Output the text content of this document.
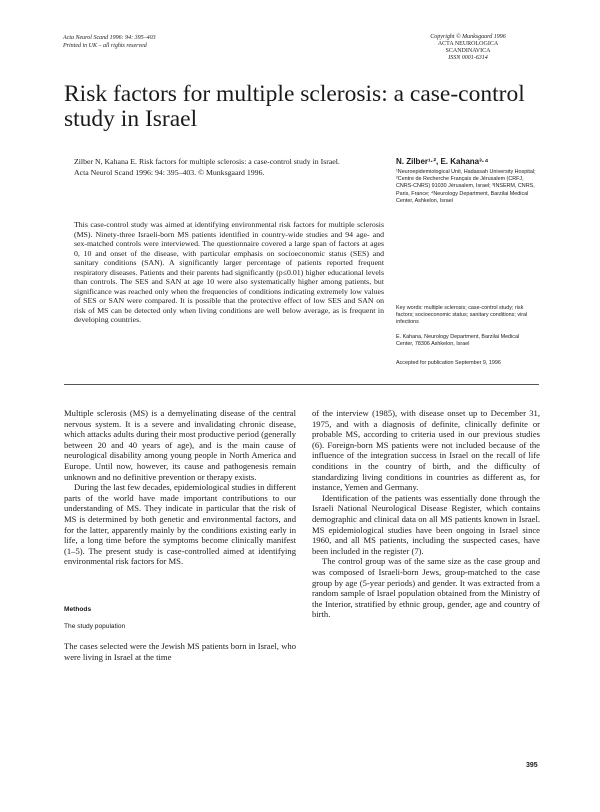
Acta Neurol Scand 1996: 94: 395–403
Printed in UK – all rights reserved
Copyright © Munksgaard 1996
ACTA NEUROLOGICA
SCANDINAVICA
ISSN 0001-6314
Risk factors for multiple sclerosis: a case-control study in Israel
Zilber N, Kahana E. Risk factors for multiple sclerosis: a case-control study in Israel.
Acta Neurol Scand 1996: 94: 395–403. © Munksgaard 1996.
This case-control study was aimed at identifying environmental risk factors for multiple sclerosis (MS). Ninety-three Israeli-born MS patients identified in country-wide studies and 94 age- and sex-matched controls were interviewed. The questionnaire covered a large span of factors at ages 0, 10 and onset of the disease, with particular emphasis on socioeconomic status (SES) and sanitary conditions (SAN). A significantly larger percentage of patients reported frequent respiratory diseases. Patients and their parents had significantly (p≤0.01) higher educational levels than controls. The SES and SAN at age 10 were also systematically higher among patients, but significance was reached only when the frequencies of conditions indicating extremely low values of SES or SAN were compared. It is possible that the protective effect of low SES and SAN on risk of MS can be detected only when living conditions are well below average, as is frequent in developing countries.
N. Zilber¹·², E. Kahana³·⁴
¹Neuroepidemiological Unit, Hadassah University Hospital; ²Centre de Recherche Français de Jérusalem (CRFJ, CNRS-CNRS) 91030 Jérusalem, Israel; ³INSERM, CNRS, Paris, France; ⁴Neurology Department, Barzilai Medical Center, Ashkelon, Israel
Key words: multiple sclerosis; case-control study; risk factors; socioeconomic status; sanitary conditions; viral infections
E. Kahana, Neurology Department, Barzilai Medical Center, 78306 Ashkelon, Israel
Accepted for publication September 9, 1996

Multiple sclerosis (MS) is a demyelinating disease of the central nervous system. It is a severe and invalidating chronic disease, which attacks adults during their most productive period (generally between 20 and 40 years of age), and is the main cause of neurological disability among young people in North America and Europe. Until now, however, its cause and pathogenesis remain unknown and no definitive prevention or therapy exists.

During the last few decades, epidemiological studies in different parts of the world have made important contributions to our understanding of MS. They indicate in particular that the risk of MS is determined by both genetic and environmental factors, and for the latter, apparently mainly by the conditions existing early in life, a long time before the symptoms become clinically manifest (1–5). The present study is case-controlled aimed at identifying environmental risk factors for MS.

Methods
The study population
The cases selected were the Jewish MS patients born in Israel, who were living in Israel at the time

of the interview (1985), with disease onset up to December 31, 1975, and with a diagnosis of definite, clinically definite or probable MS, according to criteria used in our previous studies (6). Foreign-born MS patients were not included because of the influence of the integration success in Israel on the recall of life conditions in the country of birth, and the difficulty of standardizing living conditions in countries as different as, for instance, Yemen and Germany.

Identification of the patients was essentially done through the Israeli National Neurological Disease Register, which contains demographic and clinical data on all MS patients known in Israel. MS epidemiological studies have been ongoing in Israel since 1960, and all MS patients, including the suspected cases, have been included in the register (7).

The control group was of the same size as the case group and was composed of Israeli-born Jews, group-matched to the case group by age (5-year periods) and gender. It was extracted from a random sample of Israel population obtained from the Ministry of the Interior, stratified by ethnic group, gender, age and country of birth.

395
